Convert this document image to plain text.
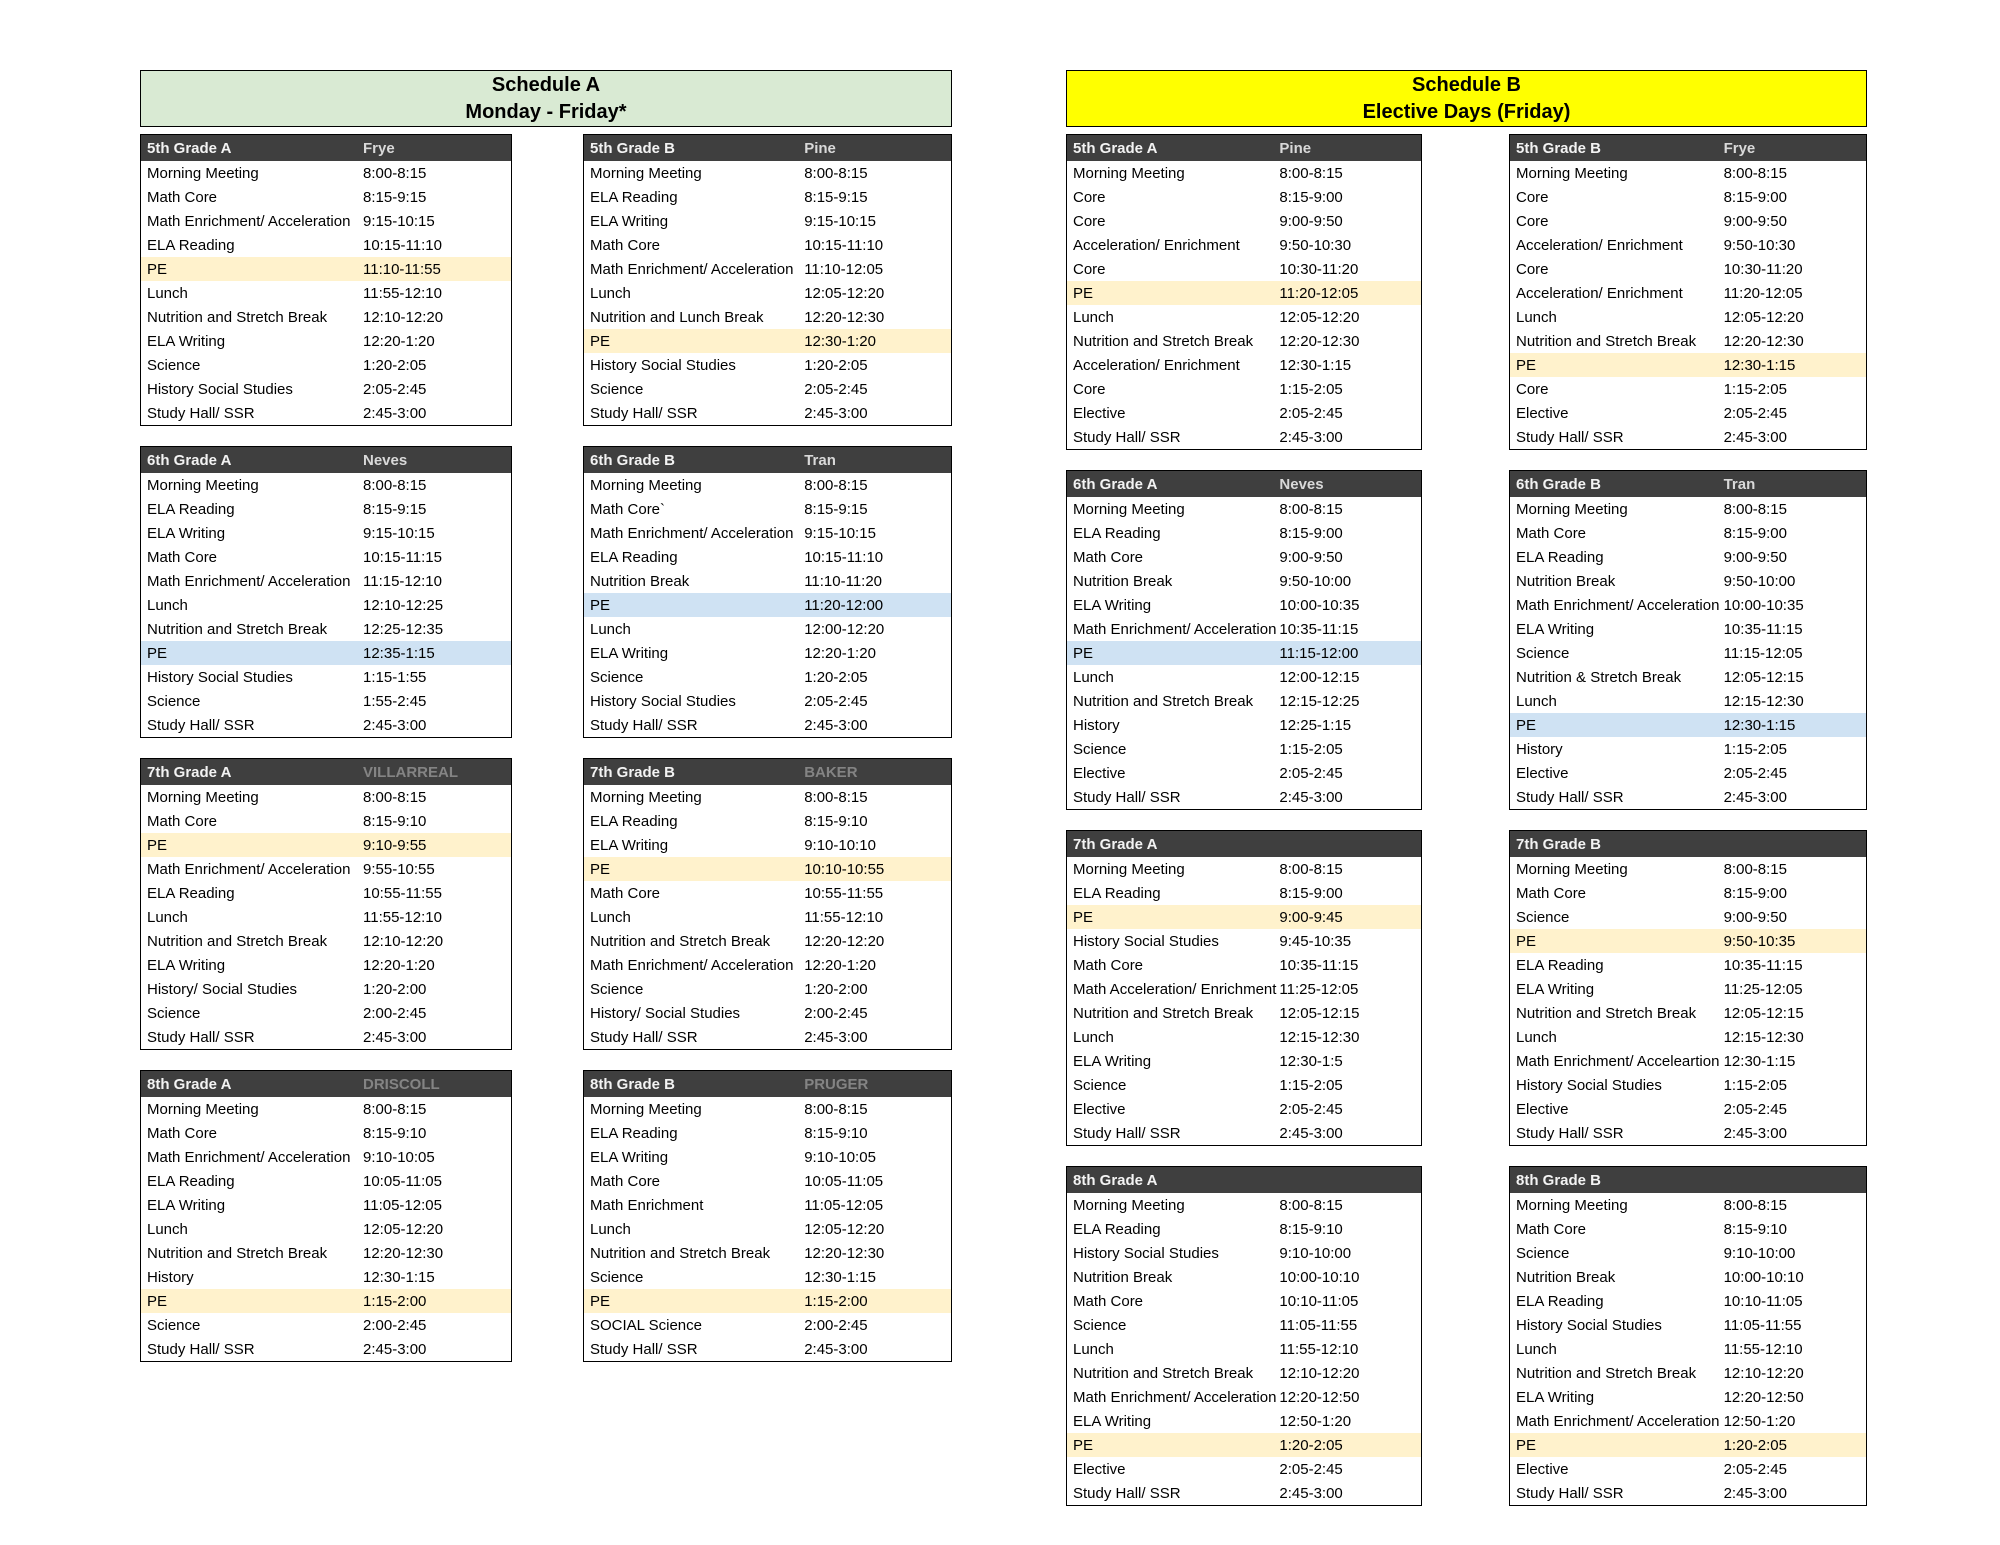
Schedule A
Monday - Friday*
5th Grade A	Frye
Morning Meeting	8:00-8:15
Math Core	8:15-9:15
Math Enrichment/ Acceleration 9:15-10:15
ELA Reading	10:15-11:10
PE	11:10-11:55
Lunch	11:55-12:10
Nutrition and Stretch Break	12:10-12:20
ELA Writing	12:20-1:20
Science	1:20-2:05
History Social Studies	2:05-2:45
Study Hall/ SSR	2:45-3:00
6th Grade A	Neves
Morning Meeting	8:00-8:15
ELA Reading	8:15-9:15
ELA Writing	9:15-10:15
Math Core	10:15-11:15
Math Enrichment/ Acceleration 11:15-12:10
Lunch	12:10-12:25
Nutrition and Stretch Break	12:25-12:35
PE	12:35-1:15
History Social Studies	1:15-1:55
Science	1:55-2:45
Study Hall/ SSR	2:45-3:00
7th Grade A	VILLARREAL
Morning Meeting	8:00-8:15
Math Core	8:15-9:10
PE	9:10-9:55
Math Enrichment/ Acceleration 9:55-10:55
ELA Reading	10:55-11:55
Lunch	11:55-12:10
Nutrition and Stretch Break	12:10-12:20
ELA Writing	12:20-1:20
History/ Social Studies	1:20-2:00
Science	2:00-2:45
Study Hall/ SSR	2:45-3:00
8th Grade A	DRISCOLL
Morning Meeting	8:00-8:15
Math Core	8:15-9:10
Math Enrichment/ Acceleration 9:10-10:05
ELA Reading	10:05-11:05
ELA Writing	11:05-12:05
Lunch	12:05-12:20
Nutrition and Stretch Break	12:20-12:30
History	12:30-1:15
PE	1:15-2:00
Science	2:00-2:45
Study Hall/ SSR	2:45-3:00
5th Grade B	Pine
Morning Meeting	8:00-8:15
ELA Reading	8:15-9:15
ELA Writing	9:15-10:15
Math Core	10:15-11:10
Math Enrichment/ Acceleration 11:10-12:05
Lunch	12:05-12:20
Nutrition and Lunch Break	12:20-12:30
PE	12:30-1:20
History Social Studies	1:20-2:05
Science	2:05-2:45
Study Hall/ SSR	2:45-3:00
6th Grade B	Tran
Morning Meeting	8:00-8:15
Math Core`	8:15-9:15
Math Enrichment/ Acceleration 9:15-10:15
ELA Reading	10:15-11:10
Nutrition Break	11:10-11:20
PE	11:20-12:00
Lunch	12:00-12:20
ELA Writing	12:20-1:20
Science	1:20-2:05
History Social Studies	2:05-2:45
Study Hall/ SSR	2:45-3:00
7th Grade B	BAKER
Morning Meeting	8:00-8:15
ELA Reading	8:15-9:10
ELA Writing	9:10-10:10
PE	10:10-10:55
Math Core	10:55-11:55
Lunch	11:55-12:10
Nutrition and Stretch Break	12:20-12:20
Math Enrichment/ Acceleration 12:20-1:20
Science	1:20-2:00
History/ Social Studies	2:00-2:45
Study Hall/ SSR	2:45-3:00
8th Grade B	PRUGER
Morning Meeting	8:00-8:15
ELA Reading	8:15-9:10
ELA Writing	9:10-10:05
Math Core	10:05-11:05
Math Enrichment	11:05-12:05
Lunch	12:05-12:20
Nutrition and Stretch Break	12:20-12:30
Science	12:30-1:15
PE	1:15-2:00
SOCIAL Science	2:00-2:45
Study Hall/ SSR	2:45-3:00
Schedule B
Elective Days (Friday)
5th Grade A	Pine
Morning Meeting	8:00-8:15
Core	8:15-9:00
Core	9:00-9:50
Acceleration/ Enrichment	9:50-10:30
Core	10:30-11:20
PE	11:20-12:05
Lunch	12:05-12:20
Nutrition and Stretch Break	12:20-12:30
Acceleration/ Enrichment	12:30-1:15
Core	1:15-2:05
Elective	2:05-2:45
Study Hall/ SSR	2:45-3:00
6th Grade A	Neves
Morning Meeting	8:00-8:15
ELA Reading	8:15-9:00
Math Core	9:00-9:50
Nutrition Break	9:50-10:00
ELA Writing	10:00-10:35
Math Enrichment/ Acceleration 10:35-11:15
PE	11:15-12:00
Lunch	12:00-12:15
Nutrition and Stretch Break	12:15-12:25
History	12:25-1:15
Science	1:15-2:05
Elective	2:05-2:45
Study Hall/ SSR	2:45-3:00
7th Grade A
Morning Meeting	8:00-8:15
ELA Reading	8:15-9:00
PE	9:00-9:45
History Social Studies	9:45-10:35
Math Core	10:35-11:15
Math Acceleration/ Enrichment 11:25-12:05
Nutrition and Stretch Break	12:05-12:15
Lunch	12:15-12:30
ELA Writing	12:30-1:5
Science	1:15-2:05
Elective	2:05-2:45
Study Hall/ SSR	2:45-3:00
8th Grade A
Morning Meeting	8:00-8:15
ELA Reading	8:15-9:10
History Social Studies	9:10-10:00
Nutrition Break	10:00-10:10
Math Core	10:10-11:05
Science	11:05-11:55
Lunch	11:55-12:10
Nutrition and Stretch Break	12:10-12:20
Math Enrichment/ Acceleration 12:20-12:50
ELA Writing	12:50-1:20
PE	1:20-2:05
Elective	2:05-2:45
Study Hall/ SSR	2:45-3:00
5th Grade B	Frye
Morning Meeting	8:00-8:15
Core	8:15-9:00
Core	9:00-9:50
Acceleration/ Enrichment	9:50-10:30
Core	10:30-11:20
Acceleration/ Enrichment	11:20-12:05
Lunch	12:05-12:20
Nutrition and Stretch Break	12:20-12:30
PE	12:30-1:15
Core	1:15-2:05
Elective	2:05-2:45
Study Hall/ SSR	2:45-3:00
6th Grade B	Tran
Morning Meeting	8:00-8:15
Math Core	8:15-9:00
ELA Reading	9:00-9:50
Nutrition Break	9:50-10:00
Math Enrichment/ Acceleration 10:00-10:35
ELA Writing	10:35-11:15
Science	11:15-12:05
Nutrition & Stretch Break	12:05-12:15
Lunch	12:15-12:30
PE	12:30-1:15
History	1:15-2:05
Elective	2:05-2:45
Study Hall/ SSR	2:45-3:00
7th Grade B
Morning Meeting	8:00-8:15
Math Core	8:15-9:00
Science	9:00-9:50
PE	9:50-10:35
ELA Reading	10:35-11:15
ELA Writing	11:25-12:05
Nutrition and Stretch Break	12:05-12:15
Lunch	12:15-12:30
Math Enrichment/ Acceleartion 12:30-1:15
History Social Studies	1:15-2:05
Elective	2:05-2:45
Study Hall/ SSR	2:45-3:00
8th Grade B
Morning Meeting	8:00-8:15
Math Core	8:15-9:10
Science	9:10-10:00
Nutrition Break	10:00-10:10
ELA Reading	10:10-11:05
History Social Studies	11:05-11:55
Lunch	11:55-12:10
Nutrition and Stretch Break	12:10-12:20
ELA Writing	12:20-12:50
Math Enrichment/ Acceleration 12:50-1:20
PE	1:20-2:05
Elective	2:05-2:45
Study Hall/ SSR	2:45-3:00
